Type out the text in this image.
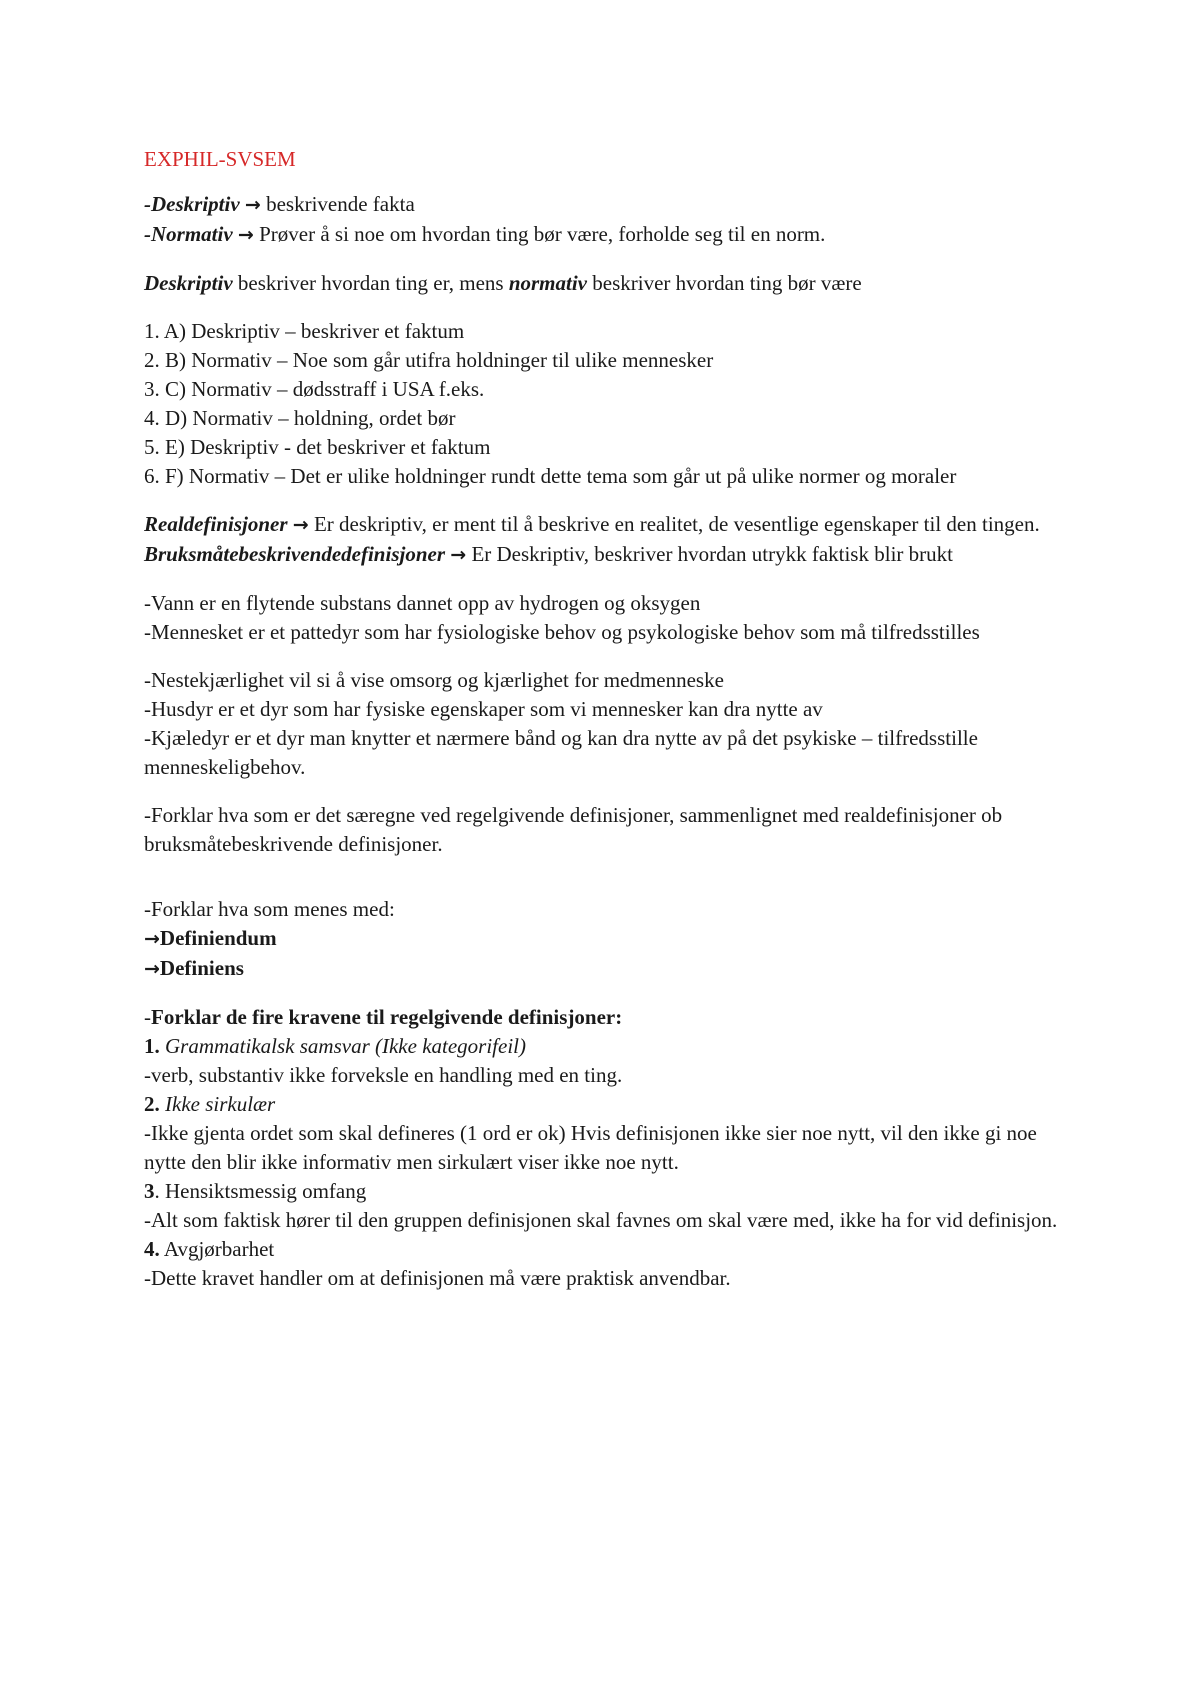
EXPHIL-SVSEM
-Deskriptiv → beskrivende fakta
-Normativ → Prøver å si noe om hvordan ting bør være, forholde seg til en norm.
Deskriptiv beskriver hvordan ting er, mens normativ beskriver hvordan ting bør være
1. A) Deskriptiv – beskriver et faktum
2. B) Normativ – Noe som går utifra holdninger til ulike mennesker
3. C) Normativ – dødsstraff i USA f.eks.
4. D) Normativ – holdning, ordet bør
5. E) Deskriptiv - det beskriver et faktum
6. F) Normativ – Det er ulike holdninger rundt dette tema som går ut på ulike normer og moraler
Realdefinisjoner → Er deskriptiv, er ment til å beskrive en realitet, de vesentlige egenskaper til den tingen.
Bruksmåtebeskrivendedefinisjoner → Er Deskriptiv, beskriver hvordan utrykk faktisk blir brukt
-Vann er en flytende substans dannet opp av hydrogen og oksygen
-Mennesket er et pattedyr som har fysiologiske behov og psykologiske behov som må tilfredsstilles
-Nestekjærlighet vil si å vise omsorg og kjærlighet for medmenneske
-Husdyr er et dyr som har fysiske egenskaper som vi mennesker kan dra nytte av
-Kjæledyr er et dyr man knytter et nærmere bånd og kan dra nytte av på det psykiske – tilfredsstille menneskeligbehov.
-Forklar hva som er det særegne ved regelgivende definisjoner, sammenlignet med realdefinisjoner ob bruksmåtebeskrivende definisjoner.
-Forklar hva som menes med:
→Definiendum
→Definiens
-Forklar de fire kravene til regelgivende definisjoner:
1. Grammatikalsk samsvar (Ikke kategorifeil)
-verb, substantiv ikke forveksle en handling med en ting.
2. Ikke sirkulær
-Ikke gjenta ordet som skal defineres (1 ord er ok) Hvis definisjonen ikke sier noe nytt, vil den ikke gi noe nytte den blir ikke informativ men sirkulært viser ikke noe nytt.
3. Hensiktsmessig omfang
-Alt som faktisk hører til den gruppen definisjonen skal favnes om skal være med, ikke ha for vid definisjon.
4. Avgjørbarhet
-Dette kravet handler om at definisjonen må være praktisk anvendbar.
